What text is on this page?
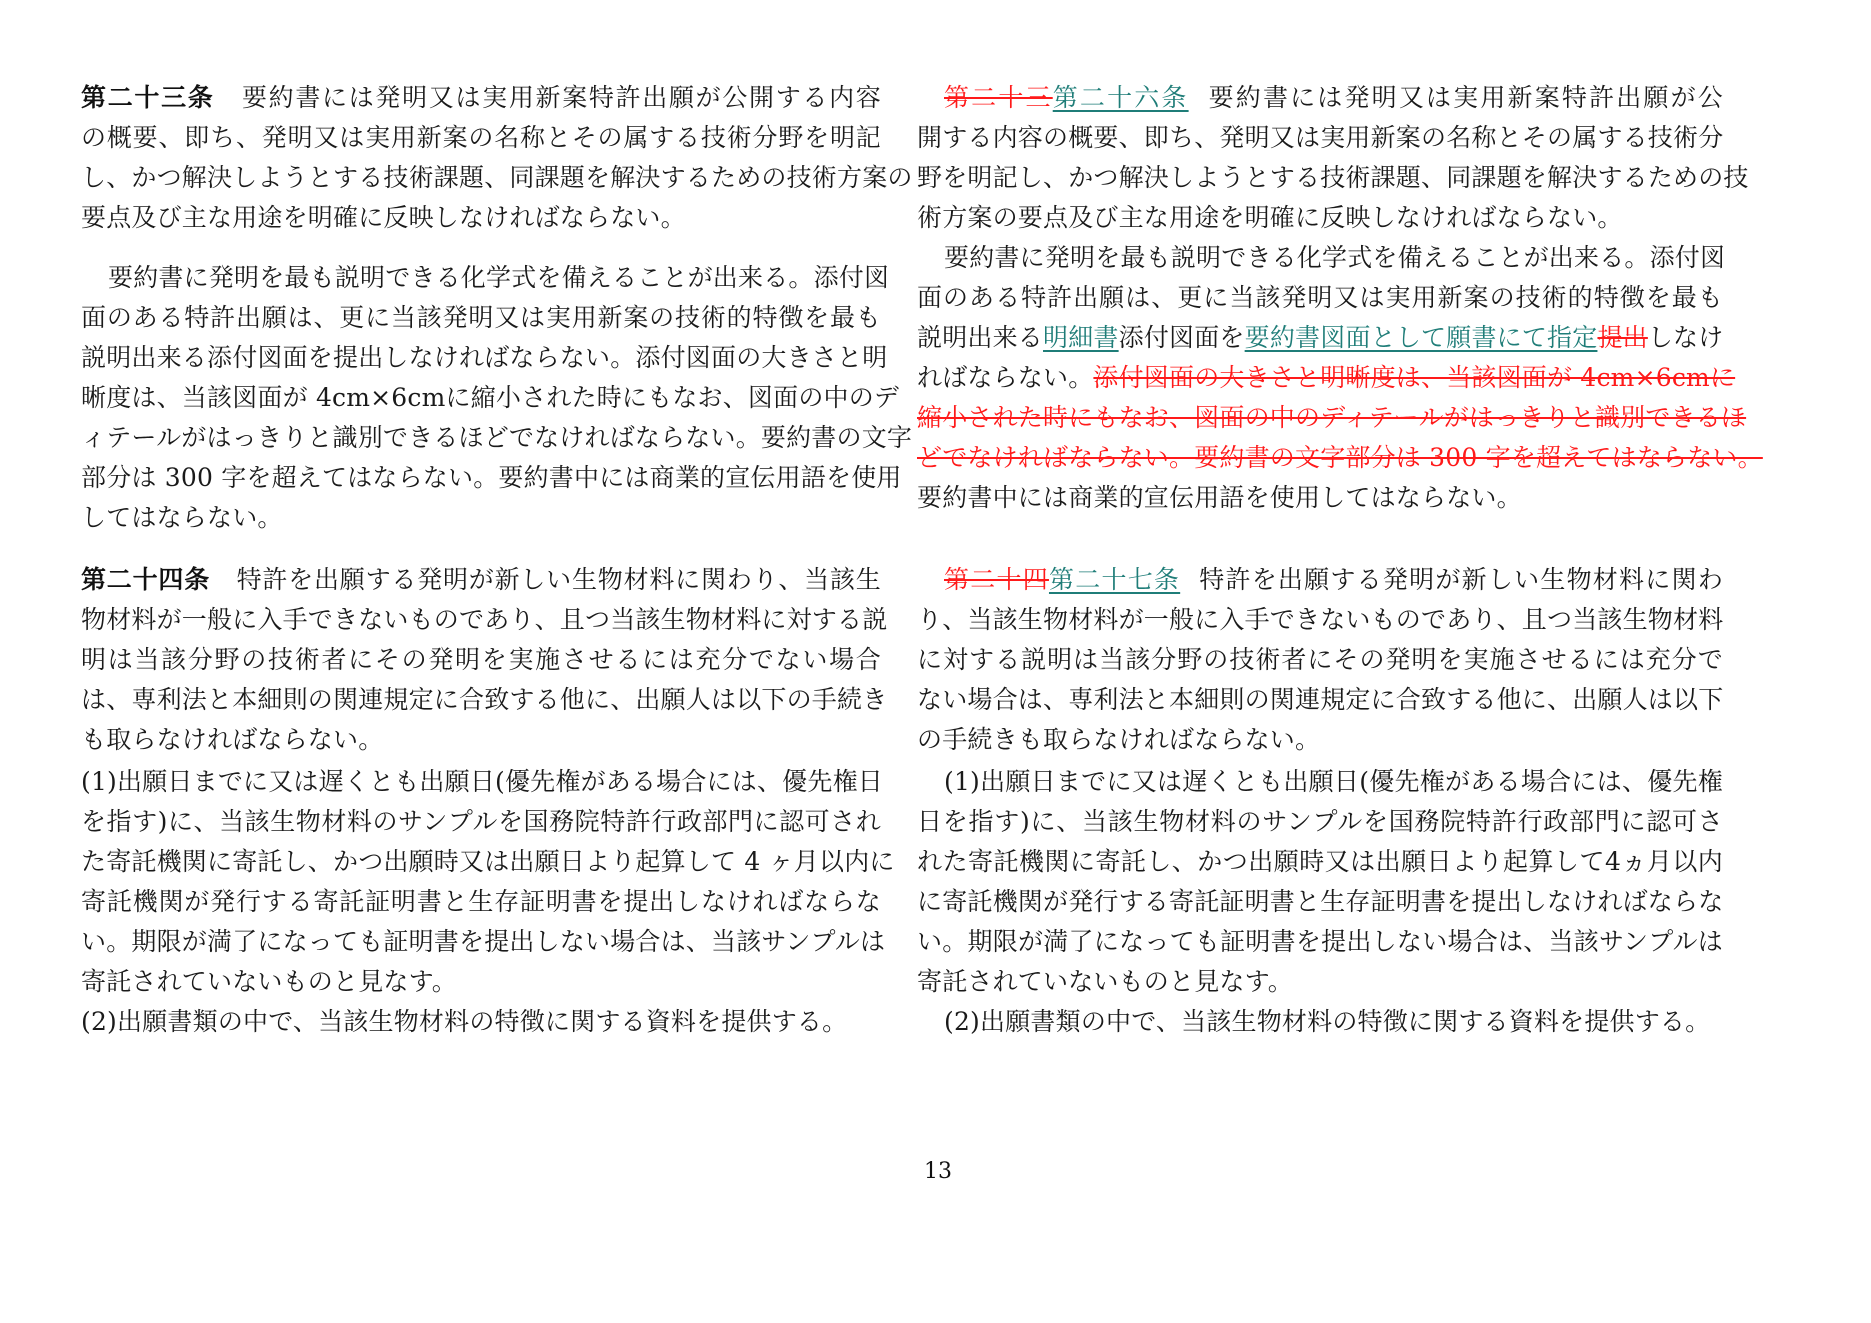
第二十三条 要約書には発明又は実用新案特許出願が公開する内容
の概要、即ち、発明又は実用新案の名称とその属する技術分野を明記
し、かつ解決しようとする技術課題、同課題を解決するための技術方案の
要点及び主な用途を明確に反映しなければならない。
要約書に発明を最も説明できる化学式を備えることが出来る。添付図
面のある特許出願は、更に当該発明又は実用新案の技術的特徴を最も
説明出来る添付図面を提出しなければならない。添付図面の大きさと明
晰度は、当該図面が 4cm×6cmに縮小された時にもなお、図面の中のデ
ィテールがはっきりと識別できるほどでなければならない。要約書の文字
部分は 300 字を超えてはならない。要約書中には商業的宣伝用語を使用
してはならない。
第二十四条 特許を出願する発明が新しい生物材料に関わり、当該生
物材料が一般に入手できないものであり、且つ当該生物材料に対する説
明は当該分野の技術者にその発明を実施させるには充分でない場合
は、専利法と本細則の関連規定に合致する他に、出願人は以下の手続き
も取らなければならない。
(1)出願日までに又は遅くとも出願日(優先権がある場合には、優先権日
を指す)に、当該生物材料のサンプルを国務院特許行政部門に認可され
た寄託機関に寄託し、かつ出願時又は出願日より起算して 4 ヶ月以内に
寄託機関が発行する寄託証明書と生存証明書を提出しなければならな
い。期限が満了になっても証明書を提出しない場合は、当該サンプルは
寄託されていないものと見なす。
(2)出願書類の中で、当該生物材料の特徴に関する資料を提供する。
第二十三第二十六条 要約書には発明又は実用新案特許出願が公
開する内容の概要、即ち、発明又は実用新案の名称とその属する技術分
野を明記し、かつ解決しようとする技術課題、同課題を解決するための技
術方案の要点及び主な用途を明確に反映しなければならない。
要約書に発明を最も説明できる化学式を備えることが出来る。添付図
面のある特許出願は、更に当該発明又は実用新案の技術的特徴を最も
説明出来る明細書添付図面を要約書図面として願書にて指定提出しなけ
ればならない。添付図面の大きさと明晰度は、当該図面が 4cm×6cmに
縮小された時にもなお、図面の中のディテールがはっきりと識別できるほ
どでなければならない。要約書の文字部分は 300 字を超えてはならない。
要約書中には商業的宣伝用語を使用してはならない。
第二十四第二十七条 特許を出願する発明が新しい生物材料に関わ
り、当該生物材料が一般に入手できないものであり、且つ当該生物材料
に対する説明は当該分野の技術者にその発明を実施させるには充分で
ない場合は、専利法と本細則の関連規定に合致する他に、出願人は以下
の手続きも取らなければならない。
(1)出願日までに又は遅くとも出願日(優先権がある場合には、優先権
日を指す)に、当該生物材料のサンプルを国務院特許行政部門に認可さ
れた寄託機関に寄託し、かつ出願時又は出願日より起算して4ヵ月以内
に寄託機関が発行する寄託証明書と生存証明書を提出しなければならな
い。期限が満了になっても証明書を提出しない場合は、当該サンプルは
寄託されていないものと見なす。
(2)出願書類の中で、当該生物材料の特徴に関する資料を提供する。
13
